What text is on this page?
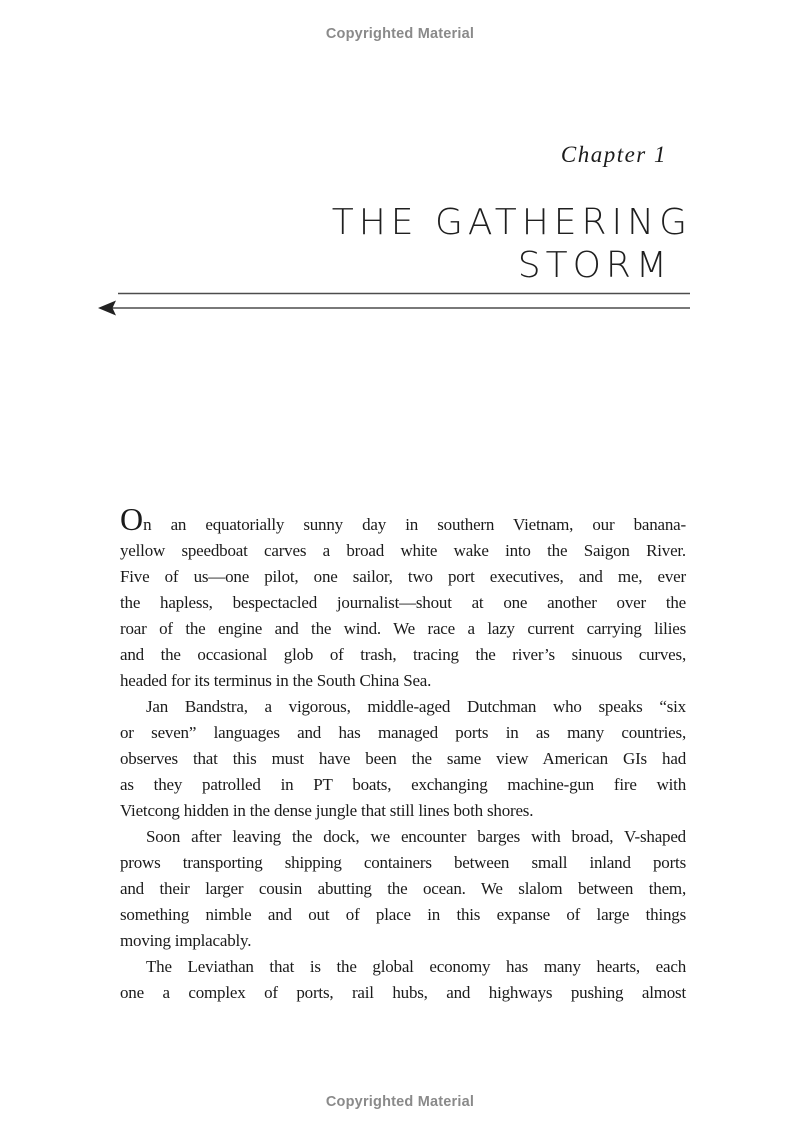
Copyrighted Material
Chapter 1
THE GATHERING
STORM
On an equatorially sunny day in southern Vietnam, our banana-
yellow speedboat carves a broad white wake into the Saigon River.
Five of us—one pilot, one sailor, two port executives, and me, ever
the hapless, bespectacled journalist—shout at one another over the
roar of the engine and the wind. We race a lazy current carrying lilies
and the occasional glob of trash, tracing the river’s sinuous curves,
headed for its terminus in the South China Sea.
Jan Bandstra, a vigorous, middle-aged Dutchman who speaks “six
or seven” languages and has managed ports in as many countries,
observes that this must have been the same view American GIs had
as they patrolled in PT boats, exchanging machine-gun fire with
Vietcong hidden in the dense jungle that still lines both shores.
Soon after leaving the dock, we encounter barges with broad, V-shaped
prows transporting shipping containers between small inland ports
and their larger cousin abutting the ocean. We slalom between them,
something nimble and out of place in this expanse of large things
moving implacably.
The Leviathan that is the global economy has many hearts, each
one a complex of ports, rail hubs, and highways pushing almost
Copyrighted Material
